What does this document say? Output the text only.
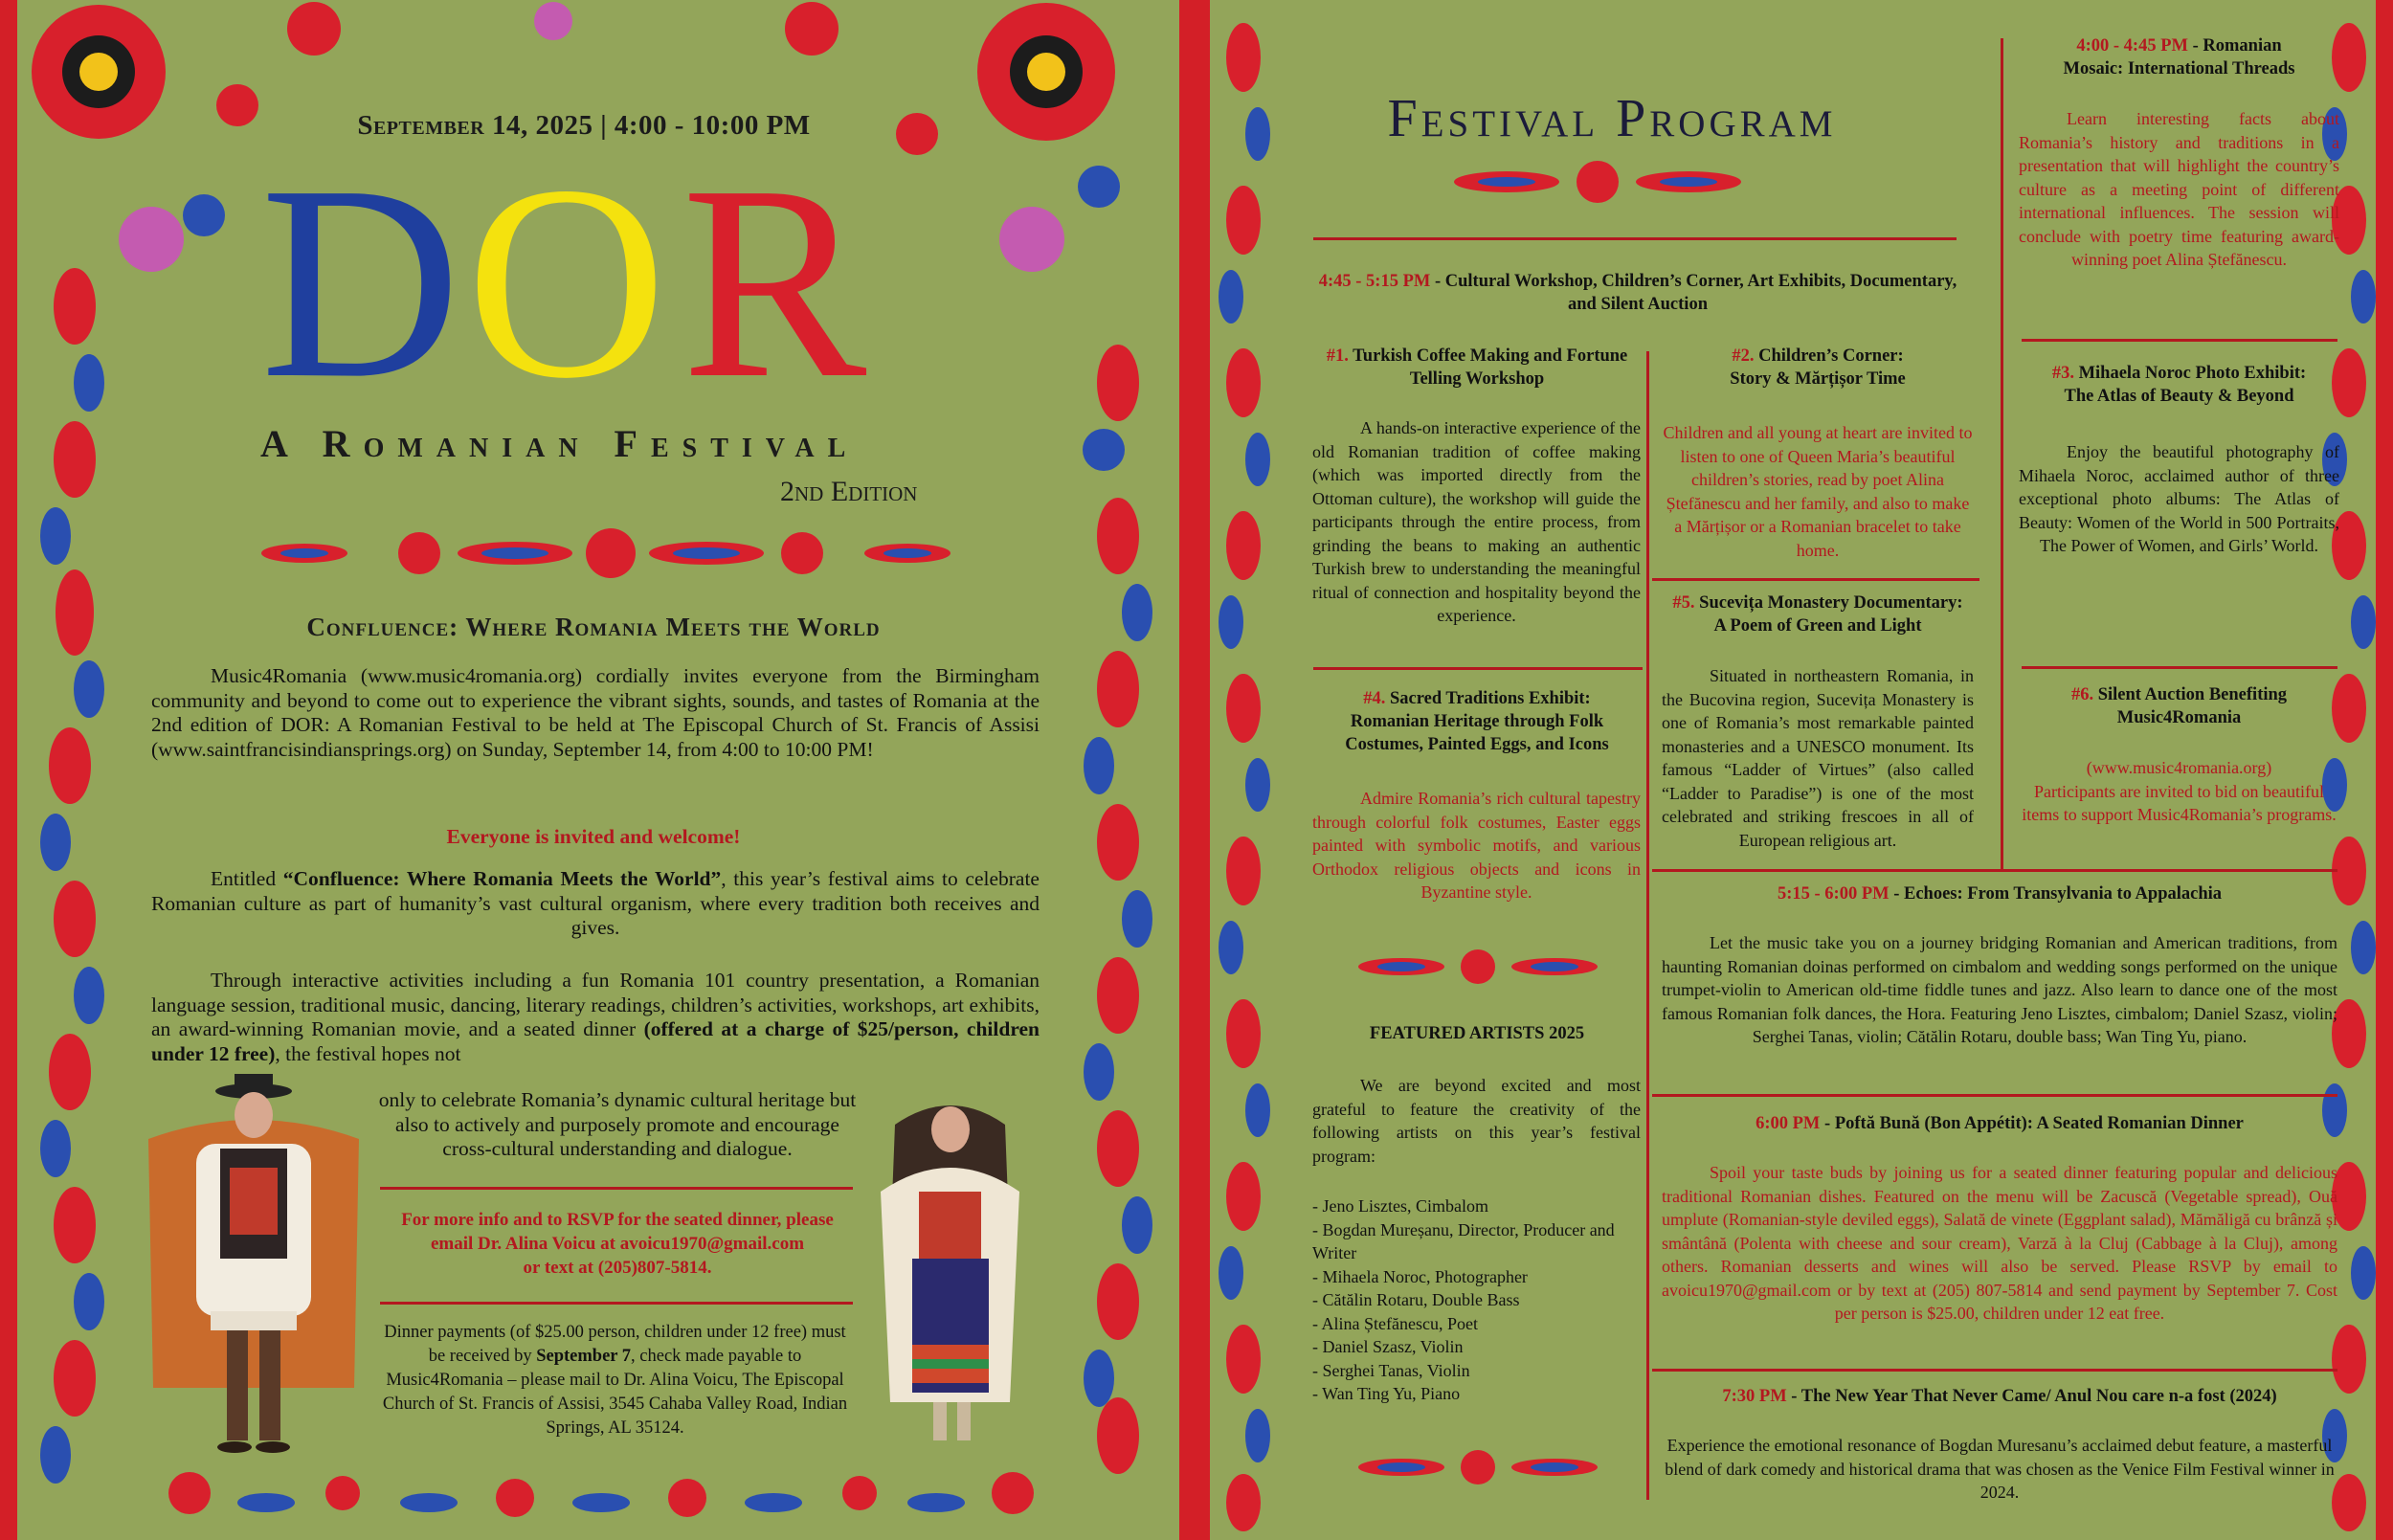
September 14, 2025 | 4:00 - 10:00 PM
D O R
A Romanian Festival
2nd Edition
Confluence: Where Romania Meets the World
Music4Romania (www.music4romania.org) cordially invites everyone from the Birmingham community and beyond to come out to experience the vibrant sights, sounds, and tastes of Romania at the 2nd edition of DOR: A Romanian Festival to be held at The Episcopal Church of St. Francis of Assisi (www.saintfrancisindiansprings.org) on Sunday, September 14, from 4:00 to 10:00 PM!
Everyone is invited and welcome!
Entitled “Confluence: Where Romania Meets the World”, this year’s festival aims to celebrate Romanian culture as part of humanity’s vast cultural organism, where every tradition both receives and gives.
Through interactive activities including a fun Romania 101 country presentation, a Romanian language session, traditional music, dancing, literary readings, children’s activities, workshops, art exhibits, an award-winning Romanian movie, and a seated dinner (offered at a charge of $25/person, children under 12 free), the festival hopes not
only to celebrate Romania’s dynamic cultural heritage but also to actively and purposely promote and encourage cross-cultural understanding and dialogue.
For more info and to RSVP for the seated dinner, please
email Dr. Alina Voicu at avoicu1970@gmail.com
or text at (205)807-5814.
Dinner payments (of $25.00 person, children under 12 free) must be received by September 7, check made payable to Music4Romania – please mail to Dr. Alina Voicu, The Episcopal Church of St. Francis of Assisi, 3545 Cahaba Valley Road, Indian Springs, AL 35124.
Festival Program
4:45 - 5:15 PM - Cultural Workshop, Children’s Corner, Art Exhibits, Documentary, and Silent Auction
#1. Turkish Coffee Making and Fortune Telling Workshop
A hands-on interactive experience of the old Romanian tradition of coffee making (which was imported directly from the Ottoman culture), the workshop will guide the participants through the entire process, from grinding the beans to making an authentic Turkish brew to understanding the meaningful ritual of connection and hospitality beyond the experience.
#4. Sacred Traditions Exhibit:
Romanian Heritage through Folk Costumes, Painted Eggs, and Icons
Admire Romania’s rich cultural tapestry through colorful folk costumes, Easter eggs painted with symbolic motifs, and various Orthodox religious objects and icons in Byzantine style.
FEATURED ARTISTS 2025
We are beyond excited and most grateful to feature the creativity of the following artists on this year’s festival program:
- Jeno Lisztes, Cimbalom
- Bogdan Mureșanu, Director, Producer and Writer
- Mihaela Noroc, Photographer
- Cătălin Rotaru, Double Bass
- Alina Ștefănescu, Poet
- Daniel Szasz, Violin
- Serghei Tanas, Violin
- Wan Ting Yu, Piano
#2. Children’s Corner:
Story & Mărțișor Time
Children and all young at heart are invited to listen to one of Queen Maria’s beautiful children’s stories, read by poet Alina Ștefănescu and her family, and also to make a Mărțișor or a Romanian bracelet to take home.
#5. Sucevița Monastery Documentary:
A Poem of Green and Light
Situated in northeastern Romania, in the Bucovina region, Sucevița Monastery is one of Romania’s most remarkable painted monasteries and a UNESCO monument. Its famous “Ladder of Virtues” (also called “Ladder to Paradise”) is one of the most celebrated and striking frescoes in all of European religious art.
4:00 - 4:45 PM - Romanian
Mosaic: International Threads
Learn interesting facts about Romania’s history and traditions in a presentation that will highlight the country’s culture as a meeting point of different international influences. The session will conclude with poetry time featuring award-winning poet Alina Ștefănescu.
#3. Mihaela Noroc Photo Exhibit:
The Atlas of Beauty & Beyond
Enjoy the beautiful photography of Mihaela Noroc, acclaimed author of three exceptional photo albums: The Atlas of Beauty: Women of the World in 500 Portraits, The Power of Women, and Girls’ World.
#6. Silent Auction Benefiting
Music4Romania
(www.music4romania.org)
Participants are invited to bid on beautiful items to support Music4Romania’s programs.
5:15 - 6:00 PM - Echoes: From Transylvania to Appalachia
Let the music take you on a journey bridging Romanian and American traditions, from haunting Romanian doinas performed on cimbalom and wedding songs performed on the unique trumpet-violin to American old-time fiddle tunes and jazz. Also learn to dance one of the most famous Romanian folk dances, the Hora. Featuring Jeno Lisztes, cimbalom; Daniel Szasz, violin; Serghei Tanas, violin; Cătălin Rotaru, double bass; Wan Ting Yu, piano.
6:00 PM - Poftă Bună (Bon Appétit): A Seated Romanian Dinner
Spoil your taste buds by joining us for a seated dinner featuring popular and delicious traditional Romanian dishes. Featured on the menu will be Zacuscă (Vegetable spread), Ouă umplute (Romanian-style deviled eggs), Salată de vinete (Eggplant salad), Mămăligă cu brânză și smântână (Polenta with cheese and sour cream), Varză à la Cluj (Cabbage à la Cluj), among others. Romanian desserts and wines will also be served. Please RSVP by email to avoicu1970@gmail.com or by text at (205) 807-5814 and send payment by September 7. Cost per person is $25.00, children under 12 eat free.
7:30 PM - The New Year That Never Came/ Anul Nou care n-a fost (2024)
Experience the emotional resonance of Bogdan Muresanu’s acclaimed debut feature, a masterful blend of dark comedy and historical drama that was chosen as the Venice Film Festival winner in 2024.
